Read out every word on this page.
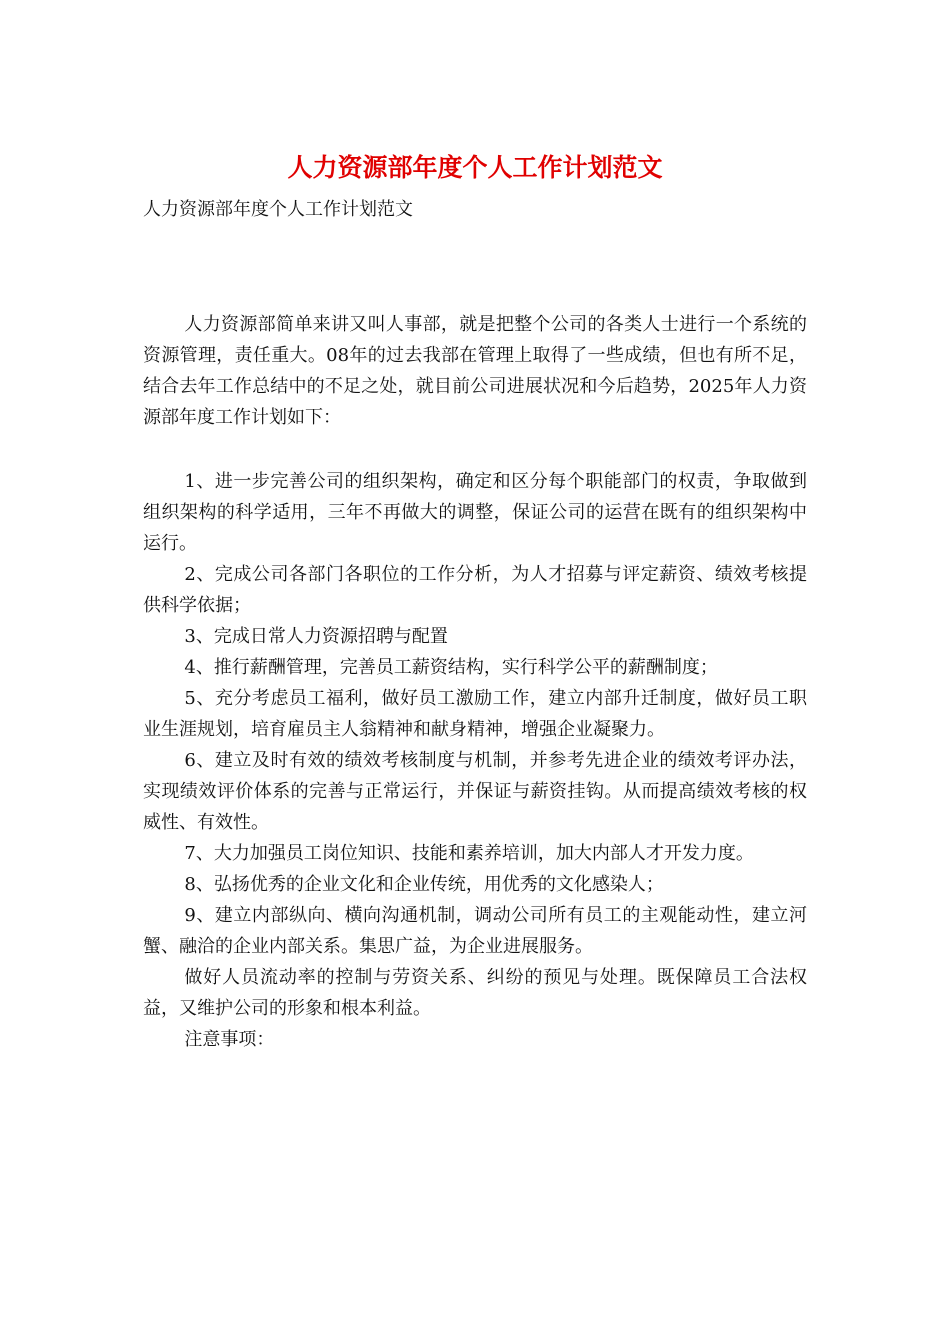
人力资源部年度个人工作计划范文

人力资源部年度个人工作计划范文

人力资源部简单来讲又叫人事部，就是把整个公司的各类人士进行一个系统的资源管理，责任重大。08年的过去我部在管理上取得了一些成绩，但也有所不足，结合去年工作总结中的不足之处，就目前公司进展状况和今后趋势，2025年人力资源部年度工作计划如下：

1、进一步完善公司的组织架构，确定和区分每个职能部门的权责，争取做到组织架构的科学适用，三年不再做大的调整，保证公司的运营在既有的组织架构中运行。

2、完成公司各部门各职位的工作分析，为人才招募与评定薪资、绩效考核提供科学依据；

3、完成日常人力资源招聘与配置

4、推行薪酬管理，完善员工薪资结构，实行科学公平的薪酬制度；

5、充分考虑员工福利，做好员工激励工作，建立内部升迁制度，做好员工职业生涯规划，培育雇员主人翁精神和献身精神，增强企业凝聚力。

6、建立及时有效的绩效考核制度与机制，并参考先进企业的绩效考评办法，实现绩效评价体系的完善与正常运行，并保证与薪资挂钩。从而提高绩效考核的权威性、有效性。

7、大力加强员工岗位知识、技能和素养培训，加大内部人才开发力度。

8、弘扬优秀的企业文化和企业传统，用优秀的文化感染人；

9、建立内部纵向、横向沟通机制，调动公司所有员工的主观能动性，建立河蟹、融洽的企业内部关系。集思广益，为企业进展服务。

做好人员流动率的控制与劳资关系、纠纷的预见与处理。既保障员工合法权益，又维护公司的形象和根本利益。

注意事项：
